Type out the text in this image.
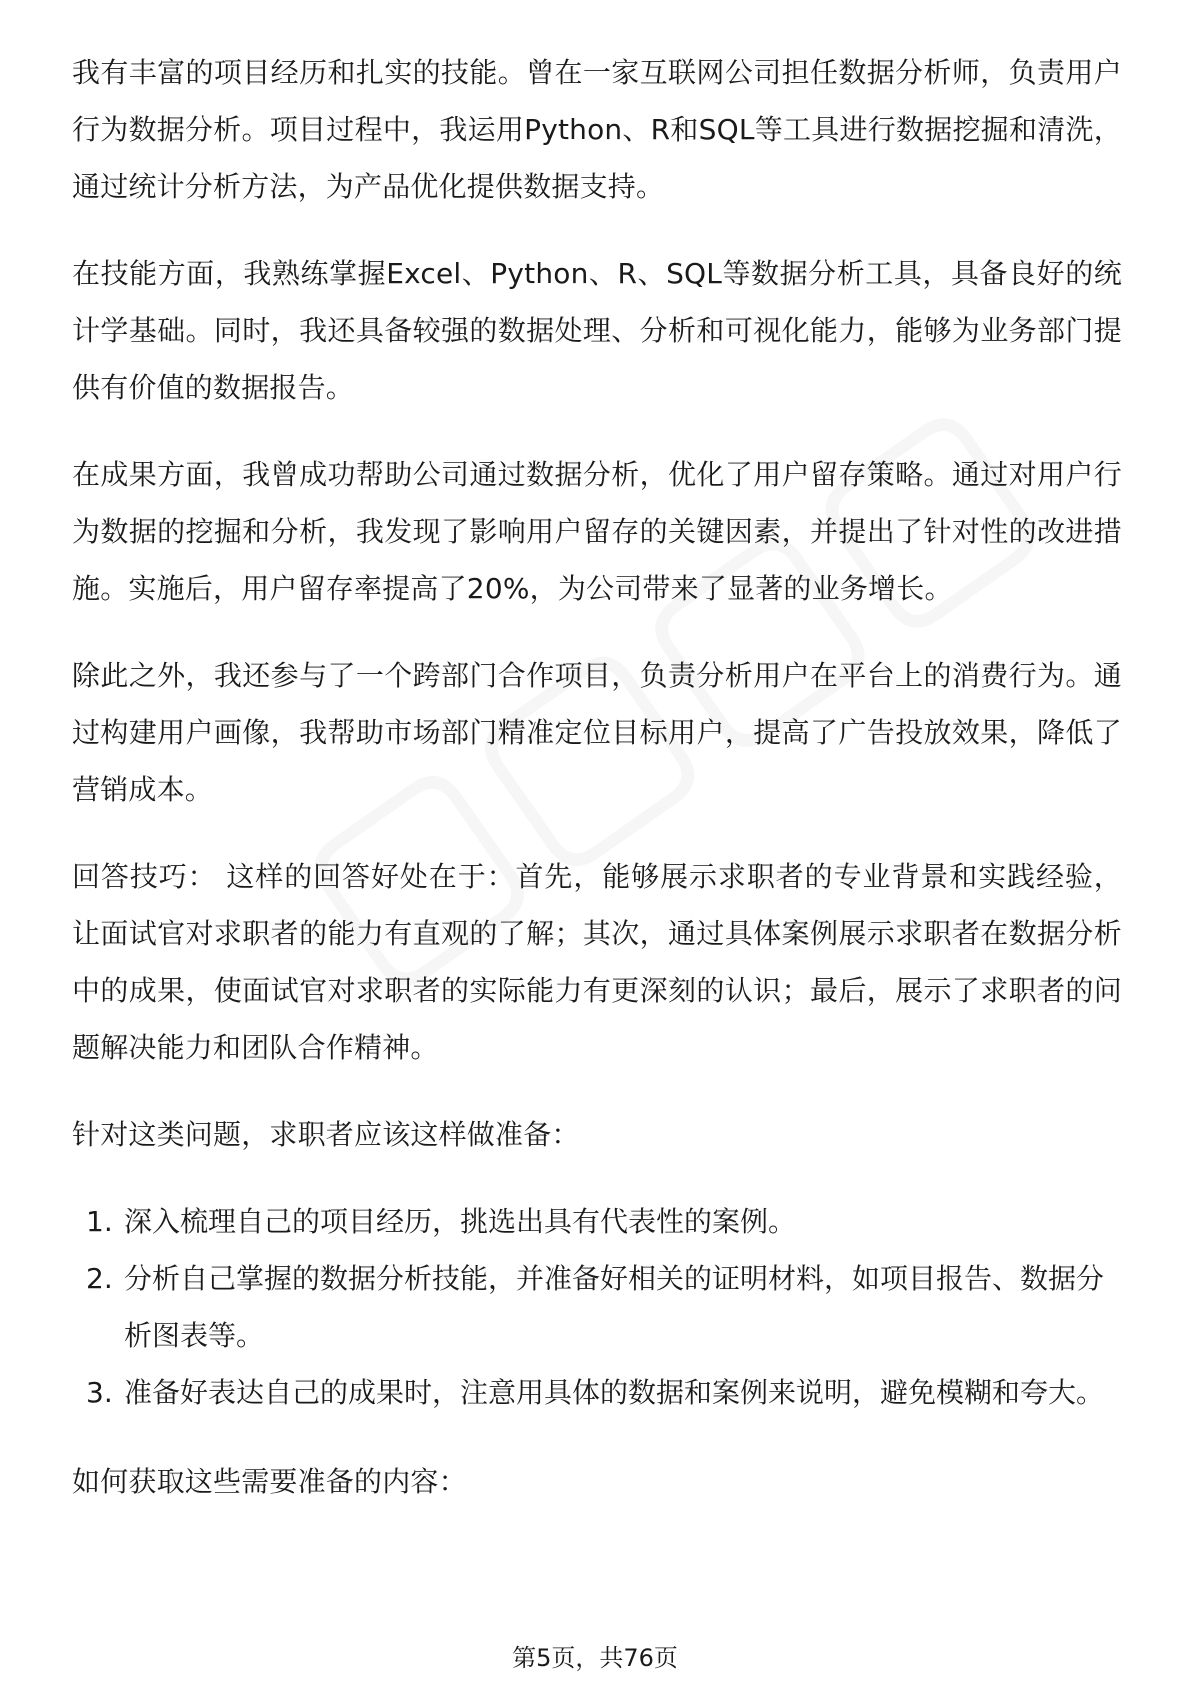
我有丰富的项目经历和扎实的技能。曾在一家互联网公司担任数据分析师，负责用户行为数据分析。项目过程中，我运用Python、R和SQL等工具进行数据挖掘和清洗，通过统计分析方法，为产品优化提供数据支持。

在技能方面，我熟练掌握Excel、Python、R、SQL等数据分析工具，具备良好的统计学基础。同时，我还具备较强的数据处理、分析和可视化能力，能够为业务部门提供有价值的数据报告。

在成果方面，我曾成功帮助公司通过数据分析，优化了用户留存策略。通过对用户行为数据的挖掘和分析，我发现了影响用户留存的关键因素，并提出了针对性的改进措施。实施后，用户留存率提高了20%，为公司带来了显著的业务增长。

除此之外，我还参与了一个跨部门合作项目，负责分析用户在平台上的消费行为。通过构建用户画像，我帮助市场部门精准定位目标用户，提高了广告投放效果，降低了营销成本。

回答技巧： 这样的回答好处在于：首先，能够展示求职者的专业背景和实践经验，让面试官对求职者的能力有直观的了解；其次，通过具体案例展示求职者在数据分析中的成果，使面试官对求职者的实际能力有更深刻的认识；最后，展示了求职者的问题解决能力和团队合作精神。

针对这类问题，求职者应该这样做准备：

1. 深入梳理自己的项目经历，挑选出具有代表性的案例。
2. 分析自己掌握的数据分析技能，并准备好相关的证明材料，如项目报告、数据分析图表等。
3. 准备好表达自己的成果时，注意用具体的数据和案例来说明，避免模糊和夸大。

如何获取这些需要准备的内容：

第5页，共76页
